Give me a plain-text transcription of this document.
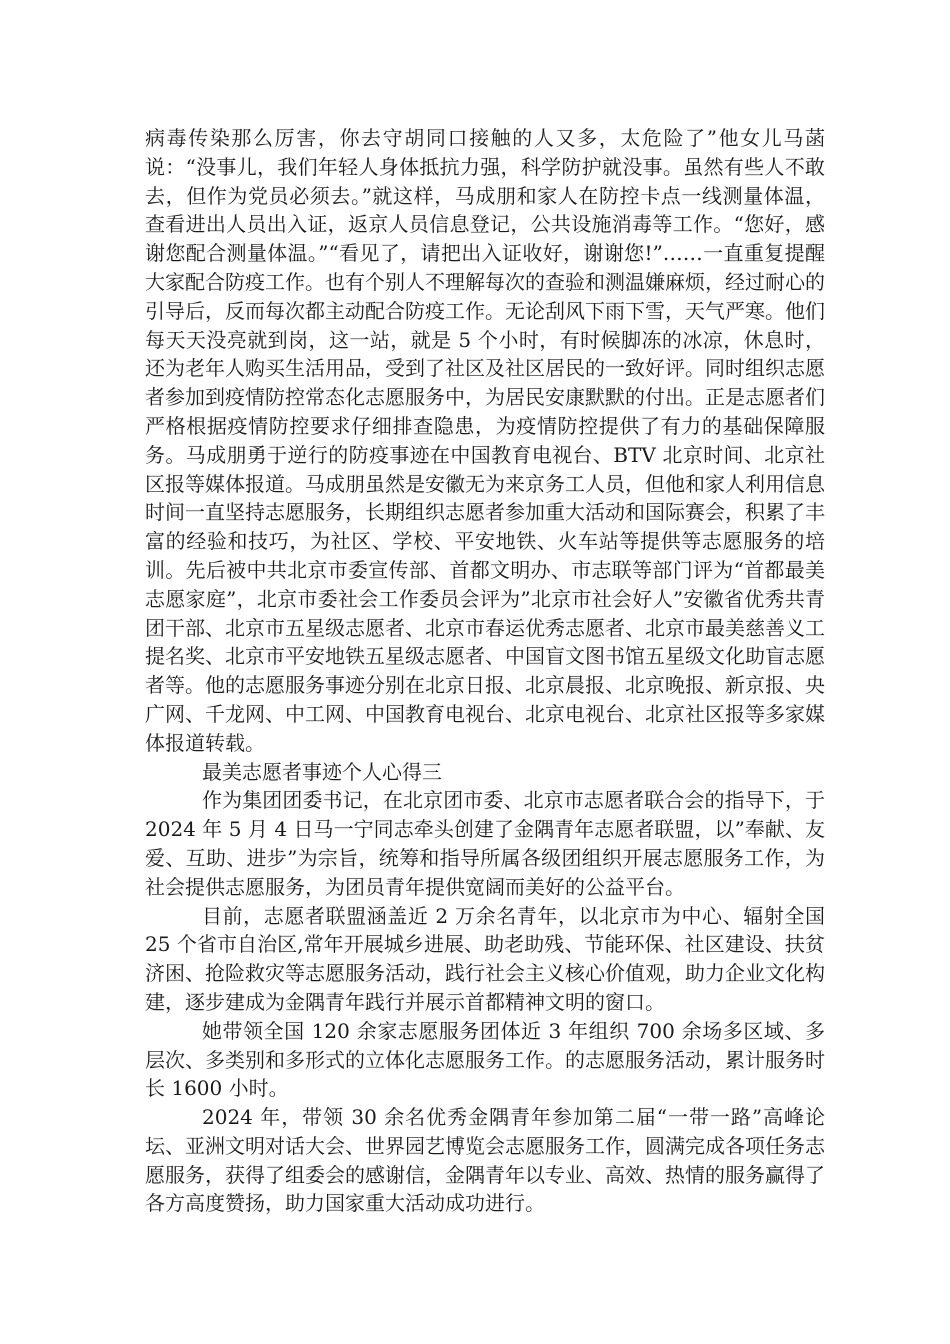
病毒传染那么厉害，你去守胡同口接触的人又多，太危险了”他女儿马菡说：“没事儿，我们年轻人身体抵抗力强，科学防护就没事。虽然有些人不敢去，但作为党员必须去。”就这样，马成朋和家人在防控卡点一线测量体温，查看进出人员出入证，返京人员信息登记，公共设施消毒等工作。“您好，感谢您配合测量体温。”“看见了，请把出入证收好，谢谢您!”……一直重复提醒大家配合防疫工作。也有个别人不理解每次的查验和测温嫌麻烦，经过耐心的引导后，反而每次都主动配合防疫工作。无论刮风下雨下雪，天气严寒。他们每天天没亮就到岗，这一站，就是 5 个小时，有时候脚冻的冰凉，休息时，还为老年人购买生活用品，受到了社区及社区居民的一致好评。同时组织志愿者参加到疫情防控常态化志愿服务中，为居民安康默默的付出。正是志愿者们严格根据疫情防控要求仔细排查隐患，为疫情防控提供了有力的基础保障服务。马成朋勇于逆行的防疫事迹在中国教育电视台、BTV 北京时间、北京社区报等媒体报道。马成朋虽然是安徽无为来京务工人员，但他和家人利用信息时间一直坚持志愿服务，长期组织志愿者参加重大活动和国际赛会，积累了丰富的经验和技巧，为社区、学校、平安地铁、火车站等提供等志愿服务的培训。先后被中共北京市委宣传部、首都文明办、市志联等部门评为“首都最美志愿家庭”，北京市委社会工作委员会评为”北京市社会好人”安徽省优秀共青团干部、北京市五星级志愿者、北京市春运优秀志愿者、北京市最美慈善义工提名奖、北京市平安地铁五星级志愿者、中国盲文图书馆五星级文化助盲志愿者等。他的志愿服务事迹分别在北京日报、北京晨报、北京晚报、新京报、央广网、千龙网、中工网、中国教育电视台、北京电视台、北京社区报等多家媒体报道转载。

最美志愿者事迹个人心得三

作为集团团委书记，在北京团市委、北京市志愿者联合会的指导下，于 2024 年 5 月 4 日马一宁同志牵头创建了金隅青年志愿者联盟，以”奉献、友爱、互助、进步”为宗旨，统筹和指导所属各级团组织开展志愿服务工作，为社会提供志愿服务，为团员青年提供宽阔而美好的公益平台。

目前，志愿者联盟涵盖近 2 万余名青年，以北京市为中心、辐射全国 25 个省市自治区,常年开展城乡进展、助老助残、节能环保、社区建设、扶贫济困、抢险救灾等志愿服务活动，践行社会主义核心价值观，助力企业文化构建，逐步建成为金隅青年践行并展示首都精神文明的窗口。

她带领全国 120 余家志愿服务团体近 3 年组织 700 余场多区域、多层次、多类别和多形式的立体化志愿服务工作。的志愿服务活动，累计服务时长 1600 小时。

2024 年，带领 30 余名优秀金隅青年参加第二届“一带一路”高峰论坛、亚洲文明对话大会、世界园艺博览会志愿服务工作，圆满完成各项任务志愿服务，获得了组委会的感谢信，金隅青年以专业、高效、热情的服务赢得了各方高度赞扬，助力国家重大活动成功进行。
